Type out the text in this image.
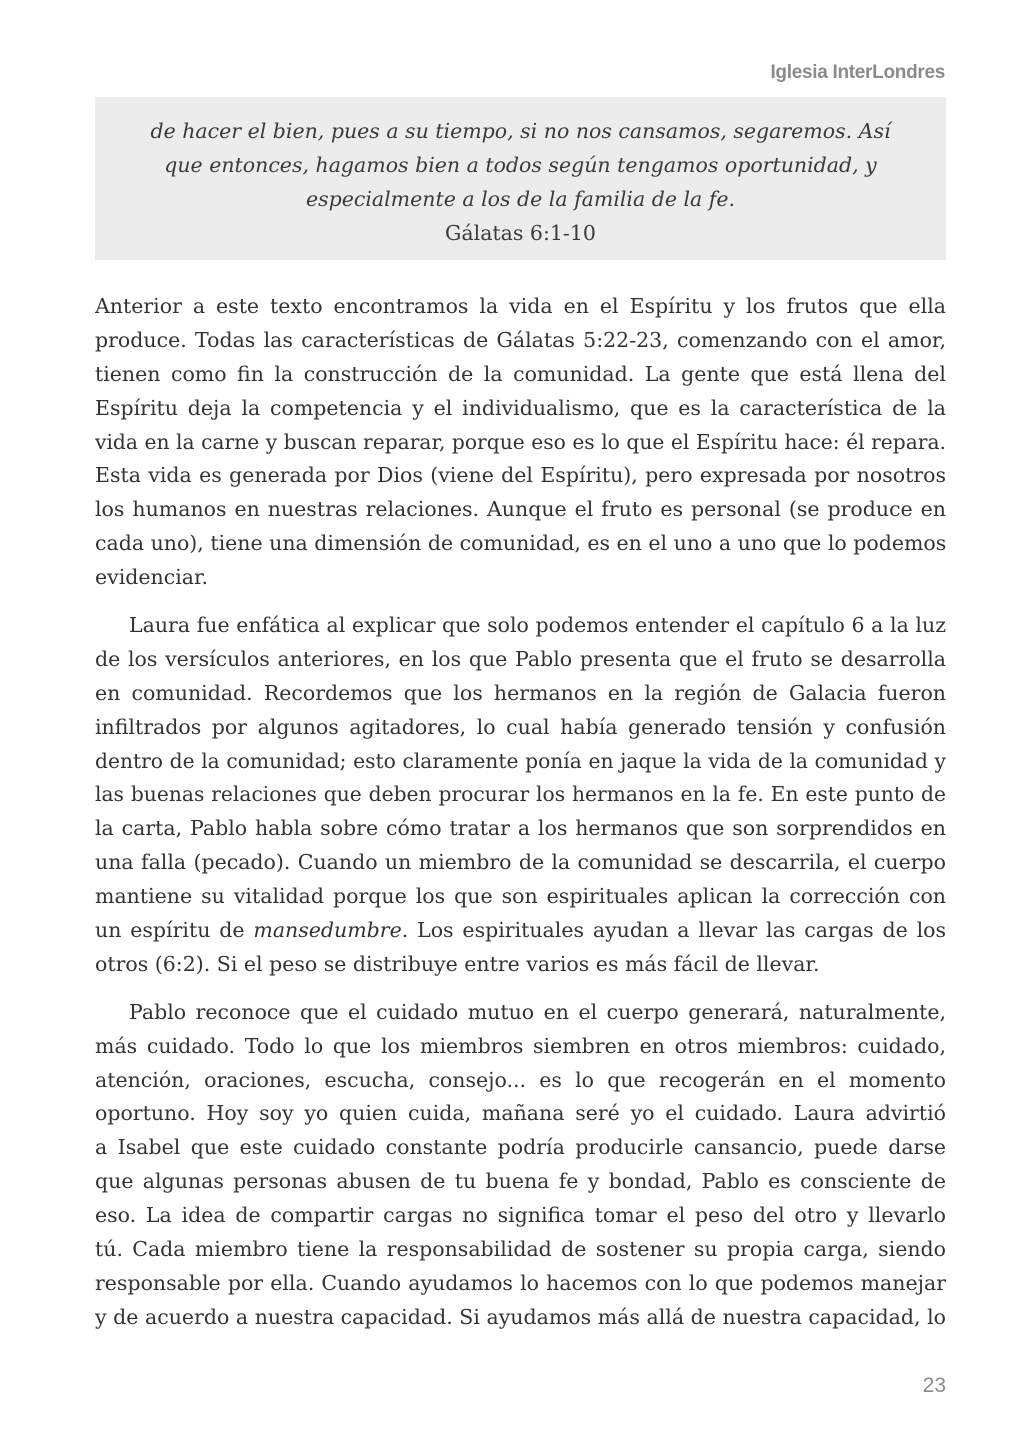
Iglesia InterLondres
de hacer el bien, pues a su tiempo, si no nos cansamos, segaremos. Así
que entonces, hagamos bien a todos según tengamos oportunidad, y
especialmente a los de la familia de la fe.
Gálatas 6:1-10
Anterior a este texto encontramos la vida en el Espíritu y los frutos que ella
produce. Todas las características de Gálatas 5:22-23, comenzando con el amor,
tienen como fin la construcción de la comunidad. La gente que está llena del
Espíritu deja la competencia y el individualismo, que es la característica de la
vida en la carne y buscan reparar, porque eso es lo que el Espíritu hace: él repara.
Esta vida es generada por Dios (viene del Espíritu), pero expresada por nosotros
los humanos en nuestras relaciones. Aunque el fruto es personal (se produce en
cada uno), tiene una dimensión de comunidad, es en el uno a uno que lo podemos
evidenciar.
Laura fue enfática al explicar que solo podemos entender el capítulo 6 a la luz
de los versículos anteriores, en los que Pablo presenta que el fruto se desarrolla
en comunidad. Recordemos que los hermanos en la región de Galacia fueron
infiltrados por algunos agitadores, lo cual había generado tensión y confusión
dentro de la comunidad; esto claramente ponía en jaque la vida de la comunidad y
las buenas relaciones que deben procurar los hermanos en la fe. En este punto de
la carta, Pablo habla sobre cómo tratar a los hermanos que son sorprendidos en
una falla (pecado). Cuando un miembro de la comunidad se descarrila, el cuerpo
mantiene su vitalidad porque los que son espirituales aplican la corrección con
un espíritu de mansedumbre. Los espirituales ayudan a llevar las cargas de los
otros (6:2). Si el peso se distribuye entre varios es más fácil de llevar.
Pablo reconoce que el cuidado mutuo en el cuerpo generará, naturalmente,
más cuidado. Todo lo que los miembros siembren en otros miembros: cuidado,
atención, oraciones, escucha, consejo... es lo que recogerán en el momento
oportuno. Hoy soy yo quien cuida, mañana seré yo el cuidado. Laura advirtió
a Isabel que este cuidado constante podría producirle cansancio, puede darse
que algunas personas abusen de tu buena fe y bondad, Pablo es consciente de
eso. La idea de compartir cargas no significa tomar el peso del otro y llevarlo
tú. Cada miembro tiene la responsabilidad de sostener su propia carga, siendo
responsable por ella. Cuando ayudamos lo hacemos con lo que podemos manejar
y de acuerdo a nuestra capacidad. Si ayudamos más allá de nuestra capacidad, lo
23
